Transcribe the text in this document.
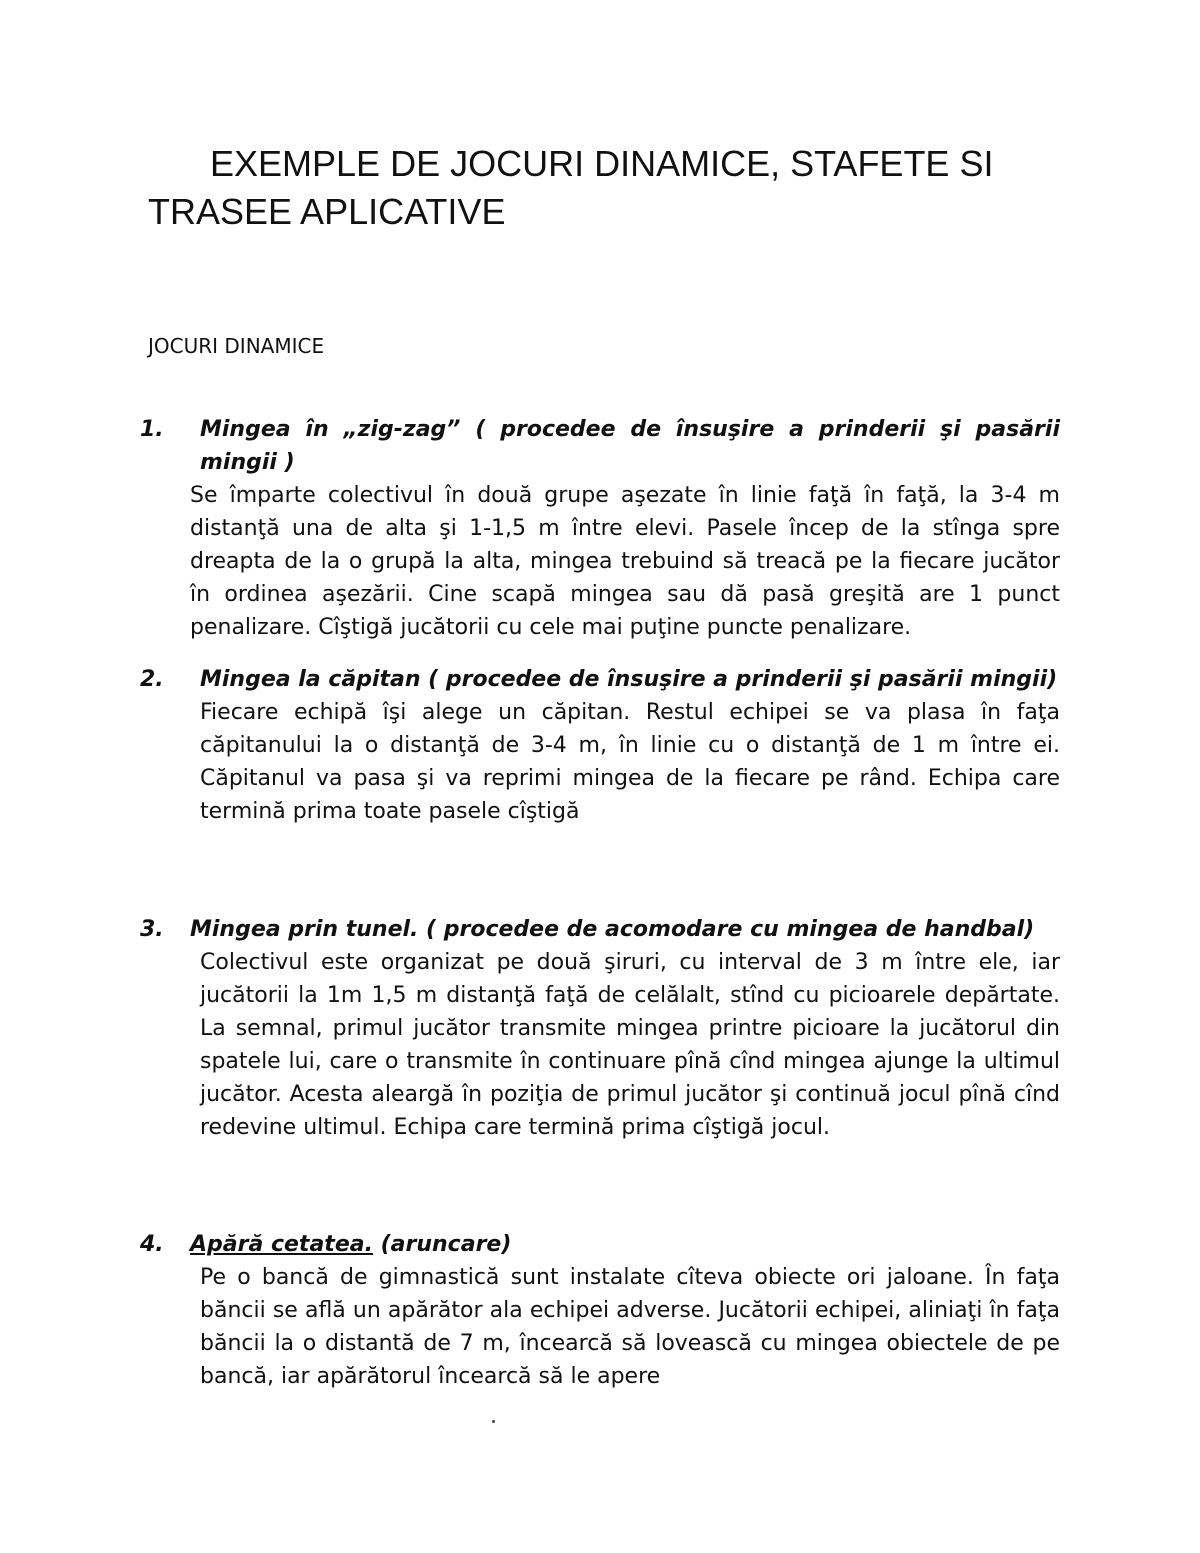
EXEMPLE DE JOCURI DINAMICE, STAFETE SI
TRASEE APLICATIVE

JOCURI DINAMICE

1. Mingea în „zig-zag” ( procedee de însuşire a prinderii şi pasării mingii )

Se împarte colectivul în două grupe aşezate în linie faţă în faţă, la 3-4 m distanţă una de alta şi 1-1,5 m între elevi. Pasele încep de la stînga spre dreapta de la o grupă la alta, mingea trebuind să treacă pe la fiecare jucător în ordinea aşezării. Cine scapă mingea sau dă pasă greşită are 1 punct penalizare. Cîştigă jucătorii cu cele mai puţine puncte penalizare.

2. Mingea la căpitan ( procedee de însuşire a prinderii şi pasării mingii)

Fiecare echipă îşi alege un căpitan. Restul echipei se va plasa în faţa căpitanului la o distanţă de 3-4 m, în linie cu o distanţă de 1 m între ei. Căpitanul va pasa şi va reprimi mingea de la fiecare pe rând. Echipa care termină prima toate pasele cîştigă

3. Mingea prin tunel. ( procedee de acomodare cu mingea de handbal)

Colectivul este organizat pe două şiruri, cu interval de 3 m între ele, iar jucătorii la 1m 1,5 m distanţă faţă de celălalt, stînd cu picioarele depărtate. La semnal, primul jucător transmite mingea printre picioare la jucătorul din spatele lui, care o transmite în continuare pînă cînd mingea ajunge la ultimul jucător. Acesta aleargă în poziţia de primul jucător şi continuă jocul pînă cînd redevine ultimul. Echipa care termină prima cîştigă jocul.

4. Apără cetatea. (aruncare)

Pe o bancă de gimnastică sunt instalate cîteva obiecte ori jaloane. În faţa băncii se află un apărător ala echipei adverse. Jucătorii echipei, aliniaţi în faţa băncii la o distantă de 7 m, încearcă să lovească cu mingea obiectele de pe bancă, iar apărătorul încearcă să le apere
